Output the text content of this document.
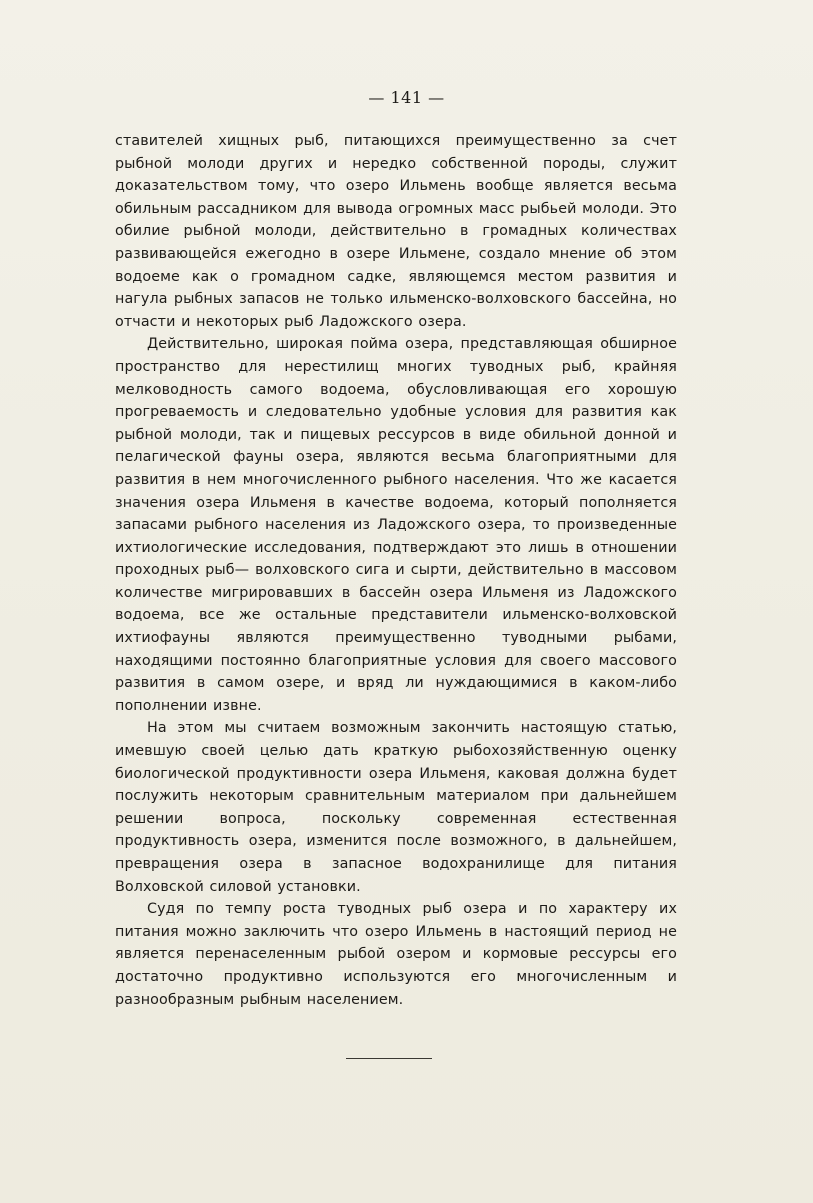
— 141 —

ставителей хищных рыб, питающихся преимущественно за счет рыбной молоди других и нередко собственной породы, служит доказательством тому, что озеро Ильмень вообще является весьма обильным рассадником для вывода огромных масс рыбьей молоди. Это обилие рыбной молоди, действительно в громадных количествах развивающейся ежегодно в озере Ильмене, создало мнение об этом водоеме как о громадном садке, являющемся местом развития и нагула рыбных запасов не только ильменско-волховского бассейна, но отчасти и некоторых рыб Ладожского озера.

Действительно, широкая пойма озера, представляющая обширное пространство для нерестилищ многих туводных рыб, крайняя мелководность самого водоема, обусловливающая его хорошую прогреваемость и следовательно удобные условия для развития как рыбной молоди, так и пищевых рессурсов в виде обильной донной и пелагической фауны озера, являются весьма благоприятными для развития в нем многочисленного рыбного населения. Что же касается значения озера Ильменя в качестве водоема, который пополняется запасами рыбного населения из Ладожского озера, то произведенные ихтиологические исследования, подтверждают это лишь в отношении проходных рыб— волховского сига и сырти, действительно в массовом количестве мигрировавших в бассейн озера Ильменя из Ладожского водоема, все же остальные представители ильменско-волховской ихтиофауны являются преимущественно туводными рыбами, находящими постоянно благоприятные условия для своего массового развития в самом озере, и вряд ли нуждающимися в каком-либо пополнении извне.

На этом мы считаем возможным закончить настоящую статью, имевшую своей целью дать краткую рыбохозяйственную оценку биологической продуктивности озера Ильменя, каковая должна будет послужить некоторым сравнительным материалом при дальнейшем решении вопроса, поскольку современная естественная продуктивность озера, изменится после возможного, в дальнейшем, превращения озера в запасное водохранилище для питания Волховской силовой установки.

Судя по темпу роста туводных рыб озера и по характеру их питания можно заключить что озеро Ильмень в настоящий период не является перенаселенным рыбой озером и кормовые рессурсы его достаточно продуктивно используются его многочисленным и разнообразным рыбным населением.
